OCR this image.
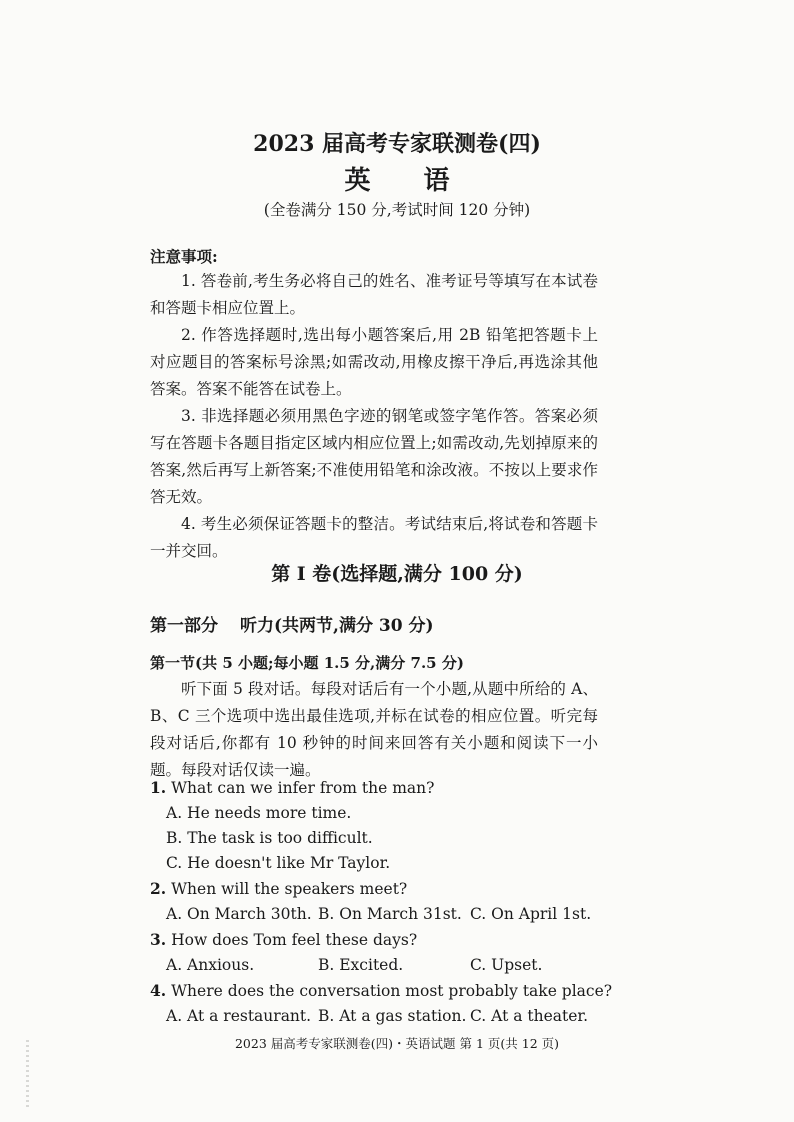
2023 届高考专家联测卷(四)
英 语
(全卷满分 150 分,考试时间 120 分钟)
注意事项:

1. 答卷前,考生务必将自己的姓名、准考证号等填写在本试卷和答题卡相应位置上。

2. 作答选择题时,选出每小题答案后,用 2B 铅笔把答题卡上对应题目的答案标号涂黑;如需改动,用橡皮擦干净后,再选涂其他答案。答案不能答在试卷上。

3. 非选择题必须用黑色字迹的钢笔或签字笔作答。答案必须写在答题卡各题目指定区域内相应位置上;如需改动,先划掉原来的答案,然后再写上新答案;不准使用铅笔和涂改液。不按以上要求作答无效。

4. 考生必须保证答题卡的整洁。考试结束后,将试卷和答题卡一并交回。

第 I 卷(选择题,满分 100 分)
第一部分 听力(共两节,满分 30 分)
第一节(共 5 小题;每小题 1.5 分,满分 7.5 分)

听下面 5 段对话。每段对话后有一个小题,从题中所给的 A、B、C 三个选项中选出最佳选项,并标在试卷的相应位置。听完每段对话后,你都有 10 秒钟的时间来回答有关小题和阅读下一小题。每段对话仅读一遍。

1. What can we infer from the man?

A. He needs more time.

B. The task is too difficult.

C. He doesn't like Mr Taylor.

2. When will the speakers meet?

A. On March 30th. B. On March 31st. C. On April 1st.

3. How does Tom feel these days?

A. Anxious.	B. Excited.	C. Upset.

4. Where does the conversation most probably take place?

A. At a restaurant. B. At a gas station. C. At a theater.
2023 届高考专家联测卷(四)・英语试题 第 1 页(共 12 页)
